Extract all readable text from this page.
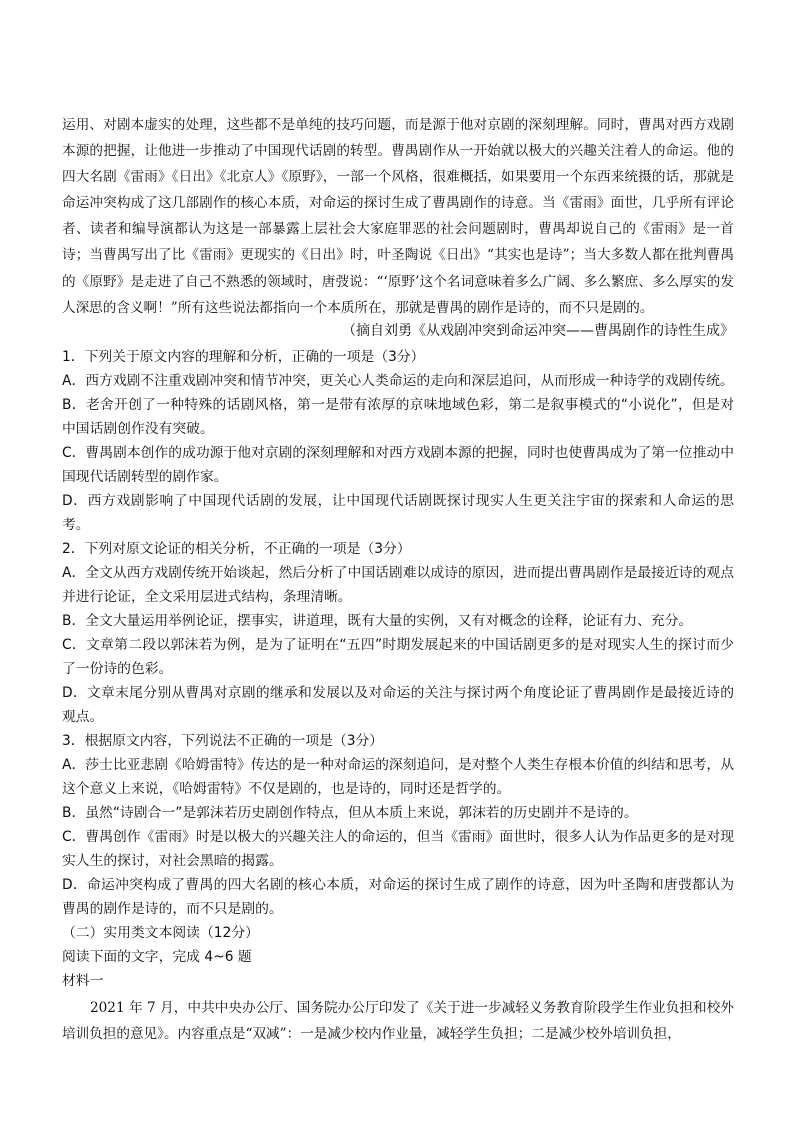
运用、对剧本虚实的处理，这些都不是单纯的技巧问题，而是源于他对京剧的深刻理解。同时，曹禺对西方戏剧本源的把握，让他进一步推动了中国现代话剧的转型。曹禺剧作从一开始就以极大的兴趣关注着人的命运。他的四大名剧《雷雨》《日出》《北京人》《原野》，一部一个风格，很难概括，如果要用一个东西来统摄的话，那就是命运冲突构成了这几部剧作的核心本质，对命运的探讨生成了曹禺剧作的诗意。当《雷雨》面世，几乎所有评论者、读者和编导演都认为这是一部暴露上层社会大家庭罪恶的社会问题剧时，曹禺却说自己的《雷雨》是一首诗；当曹禺写出了比《雷雨》更现实的《日出》时，叶圣陶说《日出》“其实也是诗”；当大多数人都在批判曹禺的《原野》是走进了自己不熟悉的领域时，唐弢说：“‘原野’这个名词意味着多么广阔、多么繁庶、多么厚实的发人深思的含义啊！”所有这些说法都指向一个本质所在，那就是曹禺的剧作是诗的，而不只是剧的。

（摘自刘勇《从戏剧冲突到命运冲突——曹禺剧作的诗性生成》

1．下列关于原文内容的理解和分析，正确的一项是（3分）

A．西方戏剧不注重戏剧冲突和情节冲突，更关心人类命运的走向和深层追问，从而形成一种诗学的戏剧传统。

B．老舍开创了一种特殊的话剧风格，第一是带有浓厚的京味地域色彩，第二是叙事模式的“小说化”，但是对中国话剧创作没有突破。

C．曹禺剧本创作的成功源于他对京剧的深刻理解和对西方戏剧本源的把握，同时也使曹禺成为了第一位推动中国现代话剧转型的剧作家。

D．西方戏剧影响了中国现代话剧的发展，让中国现代话剧既探讨现实人生更关注宇宙的探索和人命运的思考。

2．下列对原文论证的相关分析，不正确的一项是（3分）

A．全文从西方戏剧传统开始谈起，然后分析了中国话剧难以成诗的原因，进而提出曹禺剧作是最接近诗的观点并进行论证，全文采用层进式结构，条理清晰。

B．全文大量运用举例论证，摆事实，讲道理，既有大量的实例，又有对概念的诠释，论证有力、充分。

C．文章第二段以郭沫若为例，是为了证明在“五四”时期发展起来的中国话剧更多的是对现实人生的探讨而少了一份诗的色彩。

D．文章末尾分别从曹禺对京剧的继承和发展以及对命运的关注与探讨两个角度论证了曹禺剧作是最接近诗的观点。

3．根据原文内容，下列说法不正确的一项是（3分）

A．莎士比亚悲剧《哈姆雷特》传达的是一种对命运的深刻追问，是对整个人类生存根本价值的纠结和思考，从这个意义上来说，《哈姆雷特》不仅是剧的，也是诗的，同时还是哲学的。

B．虽然“诗剧合一”是郭沫若历史剧创作特点，但从本质上来说，郭沫若的历史剧并不是诗的。

C．曹禺创作《雷雨》时是以极大的兴趣关注人的命运的，但当《雷雨》面世时，很多人认为作品更多的是对现实人生的探讨，对社会黑暗的揭露。

D．命运冲突构成了曹禺的四大名剧的核心本质，对命运的探讨生成了剧作的诗意，因为叶圣陶和唐弢都认为曹禺的剧作是诗的，而不只是剧的。

（二）实用类文本阅读（12分）

阅读下面的文字，完成 4~6 题

材料一

2021 年 7 月，中共中央办公厅、国务院办公厅印发了《关于进一步减轻义务教育阶段学生作业负担和校外培训负担的意见》。内容重点是“双减”：一是减少校内作业量，减轻学生负担；二是减少校外培训负担，
